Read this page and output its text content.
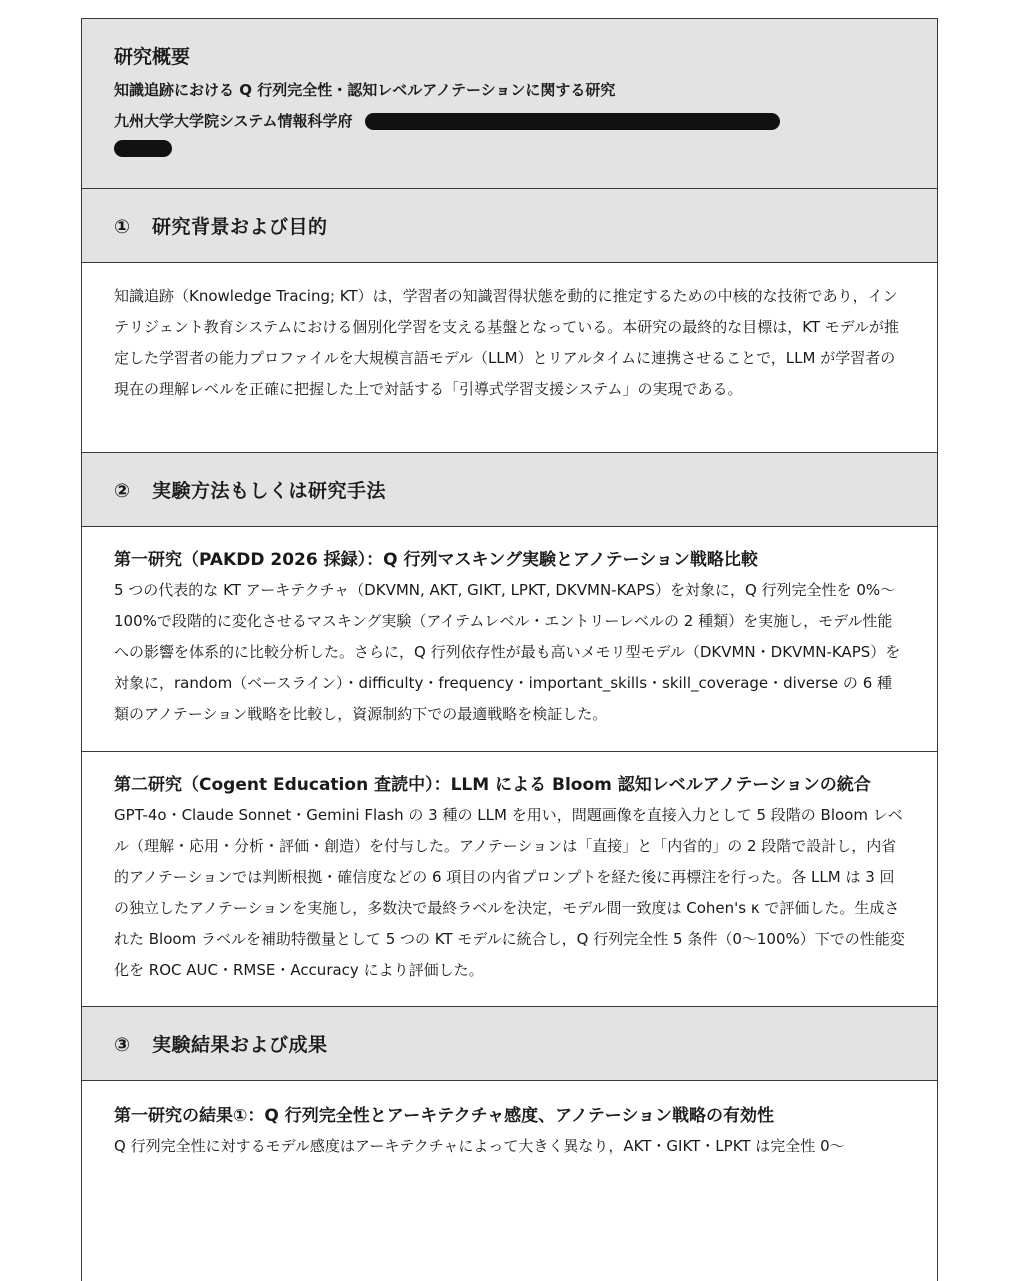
研究概要
知識追跡における Q 行列完全性・認知レベルアノテーションに関する研究
九州大学大学院システム情報科学府
① 研究背景および目的

知識追跡（Knowledge Tracing; KT）は，学習者の知識習得状態を動的に推定するための中核的な技術であり，インテリジェント教育システムにおける個別化学習を支える基盤となっている。本研究の最終的な目標は，KT モデルが推定した学習者の能力プロファイルを大規模言語モデル（LLM）とリアルタイムに連携させることで，LLM が学習者の現在の理解レベルを正確に把握した上で対話する「引導式学習支援システム」の実現である。

② 実験方法もしくは研究手法
第一研究（PAKDD 2026 採録）：Q 行列マスキング実験とアノテーション戦略比較

5 つの代表的な KT アーキテクチャ（DKVMN, AKT, GIKT, LPKT, DKVMN-KAPS）を対象に，Q 行列完全性を 0%～100%で段階的に変化させるマスキング実験（アイテムレベル・エントリーレベルの 2 種類）を実施し，モデル性能への影響を体系的に比較分析した。さらに，Q 行列依存性が最も高いメモリ型モデル（DKVMN・DKVMN-KAPS）を対象に，random（ベースライン）・difficulty・frequency・important_skills・skill_coverage・diverse の 6 種類のアノテーション戦略を比較し，資源制約下での最適戦略を検証した。

第二研究（Cogent Education 査読中）：LLM による Bloom 認知レベルアノテーションの統合

GPT-4o・Claude Sonnet・Gemini Flash の 3 種の LLM を用い，問題画像を直接入力として 5 段階の Bloom レベル（理解・応用・分析・評価・創造）を付与した。アノテーションは「直接」と「内省的」の 2 段階で設計し，内省的アノテーションでは判断根拠・確信度などの 6 項目の内省プロンプトを経た後に再標注を行った。各 LLM は 3 回の独立したアノテーションを実施し，多数決で最終ラベルを決定，モデル間一致度は Cohen's κ で評価した。生成された Bloom ラベルを補助特徴量として 5 つの KT モデルに統合し，Q 行列完全性 5 条件（0～100%）下での性能変化を ROC AUC・RMSE・Accuracy により評価した。

③ 実験結果および成果
第一研究の結果①：Q 行列完全性とアーキテクチャ感度、アノテーション戦略の有効性

Q 行列完全性に対するモデル感度はアーキテクチャによって大きく異なり，AKT・GIKT・LPKT は完全性 0～
